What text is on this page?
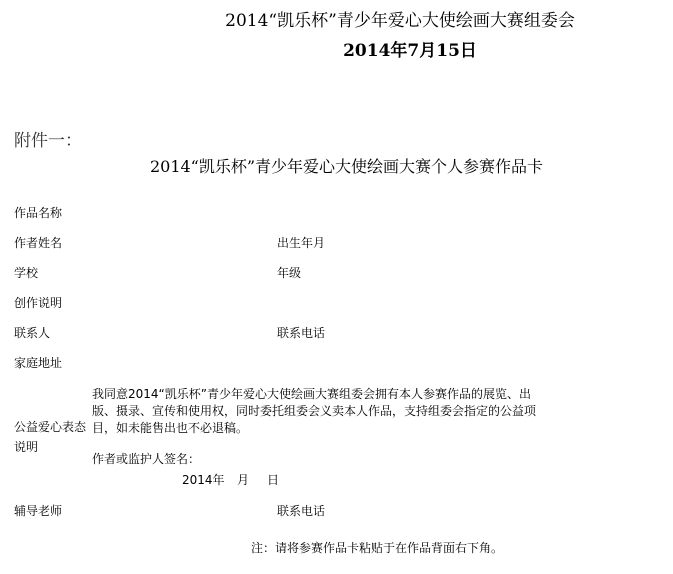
2014“凯乐杯”青少年爱心大使绘画大赛组委会
2014年7月15日
附件一：
2014“凯乐杯”青少年爱心大使绘画大赛个人参赛作品卡
作品名称
作者姓名	出生年月
学校	年级
创作说明
联系人	联系电话
家庭地址
公益爱心表态
说明

我同意2014“凯乐杯”青少年爱心大使绘画大赛组委会拥有本人参赛作品的展览、出

版、摄录、宣传和使用权，同时委托组委会义卖本人作品，支持组委会指定的公益项

目，如未能售出也不必退稿。

作者或监护人签名：
2014年 月 日
辅导老师	联系电话
注：请将参赛作品卡粘贴于在作品背面右下角。
